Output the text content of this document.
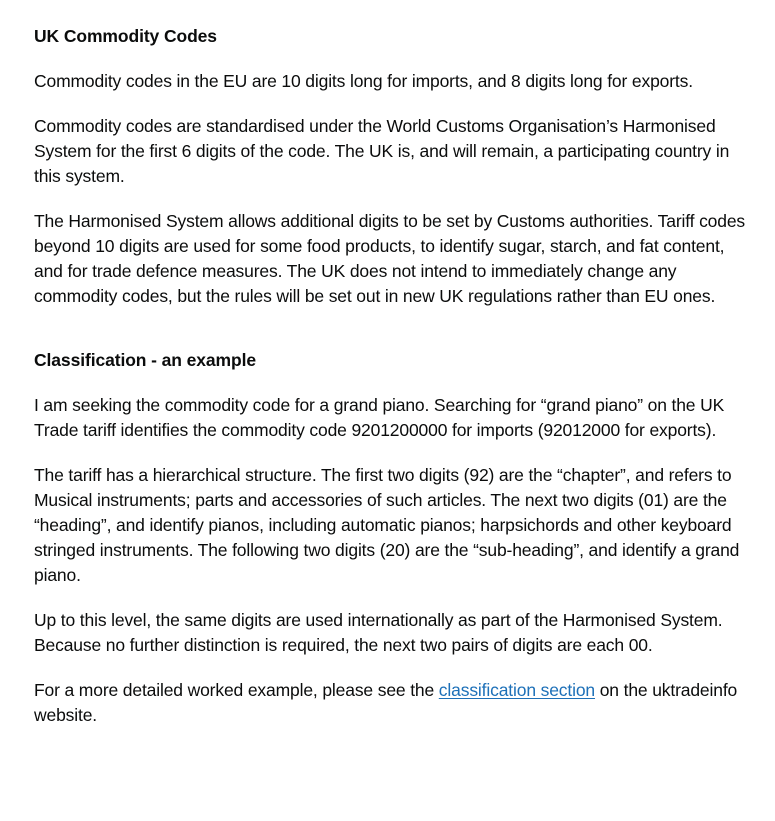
UK Commodity Codes

Commodity codes in the EU are 10 digits long for imports, and 8 digits long for exports.

Commodity codes are standardised under the World Customs Organisation’s Harmonised System for the first 6 digits of the code. The UK is, and will remain, a participating country in this system.

The Harmonised System allows additional digits to be set by Customs authorities. Tariff codes beyond 10 digits are used for some food products, to identify sugar, starch, and fat content, and for trade defence measures. The UK does not intend to immediately change any commodity codes, but the rules will be set out in new UK regulations rather than EU ones.

Classification - an example

I am seeking the commodity code for a grand piano. Searching for “grand piano” on the UK Trade tariff identifies the commodity code 9201200000 for imports (92012000 for exports).

The tariff has a hierarchical structure. The first two digits (92) are the “chapter”, and refers to Musical instruments; parts and accessories of such articles. The next two digits (01) are the “heading”, and identify pianos, including automatic pianos; harpsichords and other keyboard stringed instruments. The following two digits (20) are the “sub-heading”, and identify a grand piano.

Up to this level, the same digits are used internationally as part of the Harmonised System. Because no further distinction is required, the next two pairs of digits are each 00.

For a more detailed worked example, please see the classification section on the uktradeinfo website.
